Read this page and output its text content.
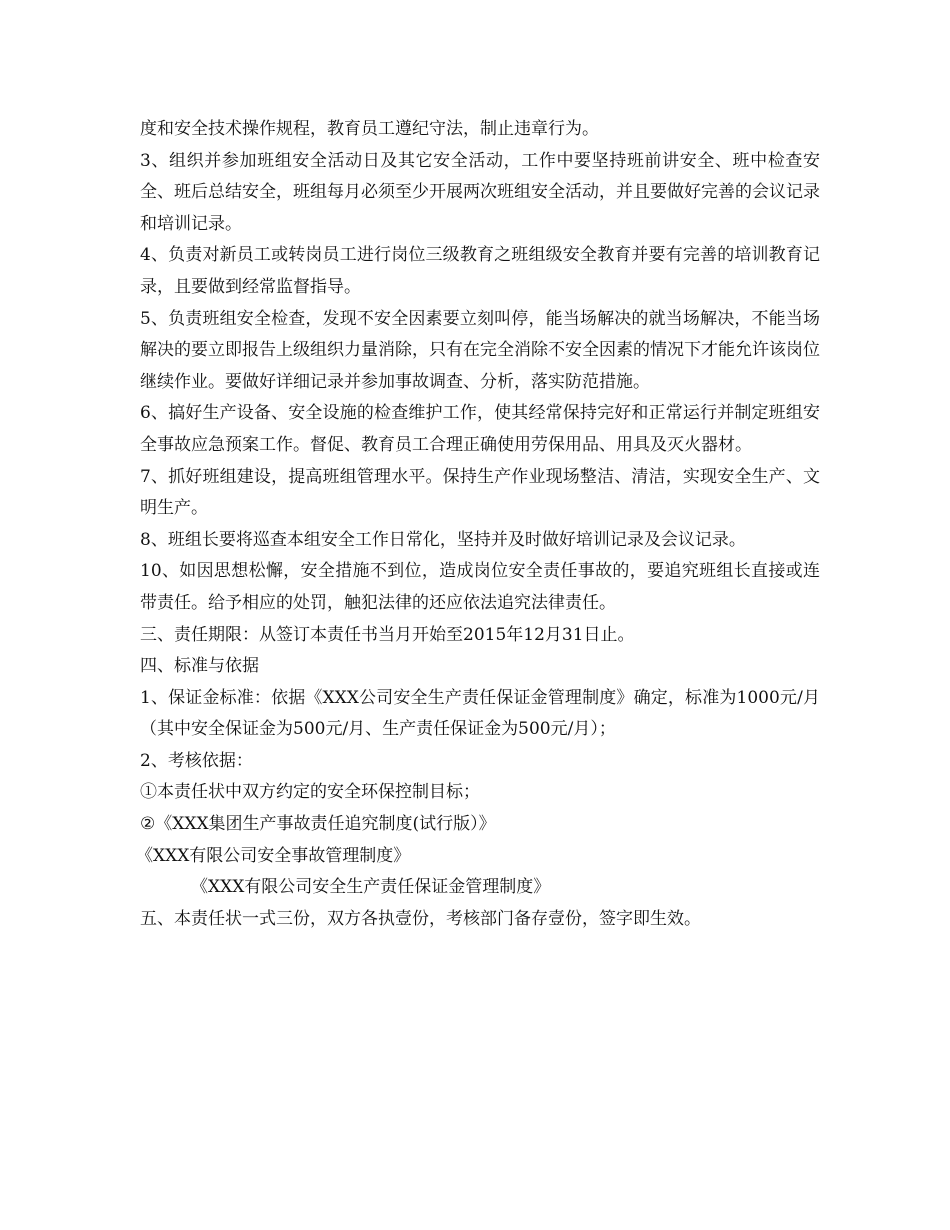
度和安全技术操作规程，教育员工遵纪守法，制止违章行为。

3、组织并参加班组安全活动日及其它安全活动，工作中要坚持班前讲安全、班中检查安全、班后总结安全，班组每月必须至少开展两次班组安全活动，并且要做好完善的会议记录和培训记录。

4、负责对新员工或转岗员工进行岗位三级教育之班组级安全教育并要有完善的培训教育记录，且要做到经常监督指导。

5、负责班组安全检查，发现不安全因素要立刻叫停，能当场解决的就当场解决，不能当场解决的要立即报告上级组织力量消除，只有在完全消除不安全因素的情况下才能允许该岗位继续作业。要做好详细记录并参加事故调查、分析，落实防范措施。

6、搞好生产设备、安全设施的检查维护工作，使其经常保持完好和正常运行并制定班组安全事故应急预案工作。督促、教育员工合理正确使用劳保用品、用具及灭火器材。

7、抓好班组建设，提高班组管理水平。保持生产作业现场整洁、清洁，实现安全生产、文明生产。

8、班组长要将巡查本组安全工作日常化，坚持并及时做好培训记录及会议记录。

10、如因思想松懈，安全措施不到位，造成岗位安全责任事故的，要追究班组长直接或连带责任。给予相应的处罚，触犯法律的还应依法追究法律责任。

三、责任期限：从签订本责任书当月开始至2015年12月31日止。

四、标准与依据

1、保证金标准：依据《XXX公司安全生产责任保证金管理制度》确定，标准为1000元/月（其中安全保证金为500元/月、生产责任保证金为500元/月）；

2、考核依据：

①本责任状中双方约定的安全环保控制目标；

②《XXX集团生产事故责任追究制度(试行版）》

《XXX有限公司安全事故管理制度》

《XXX有限公司安全生产责任保证金管理制度》

五、本责任状一式三份，双方各执壹份，考核部门备存壹份，签字即生效。
